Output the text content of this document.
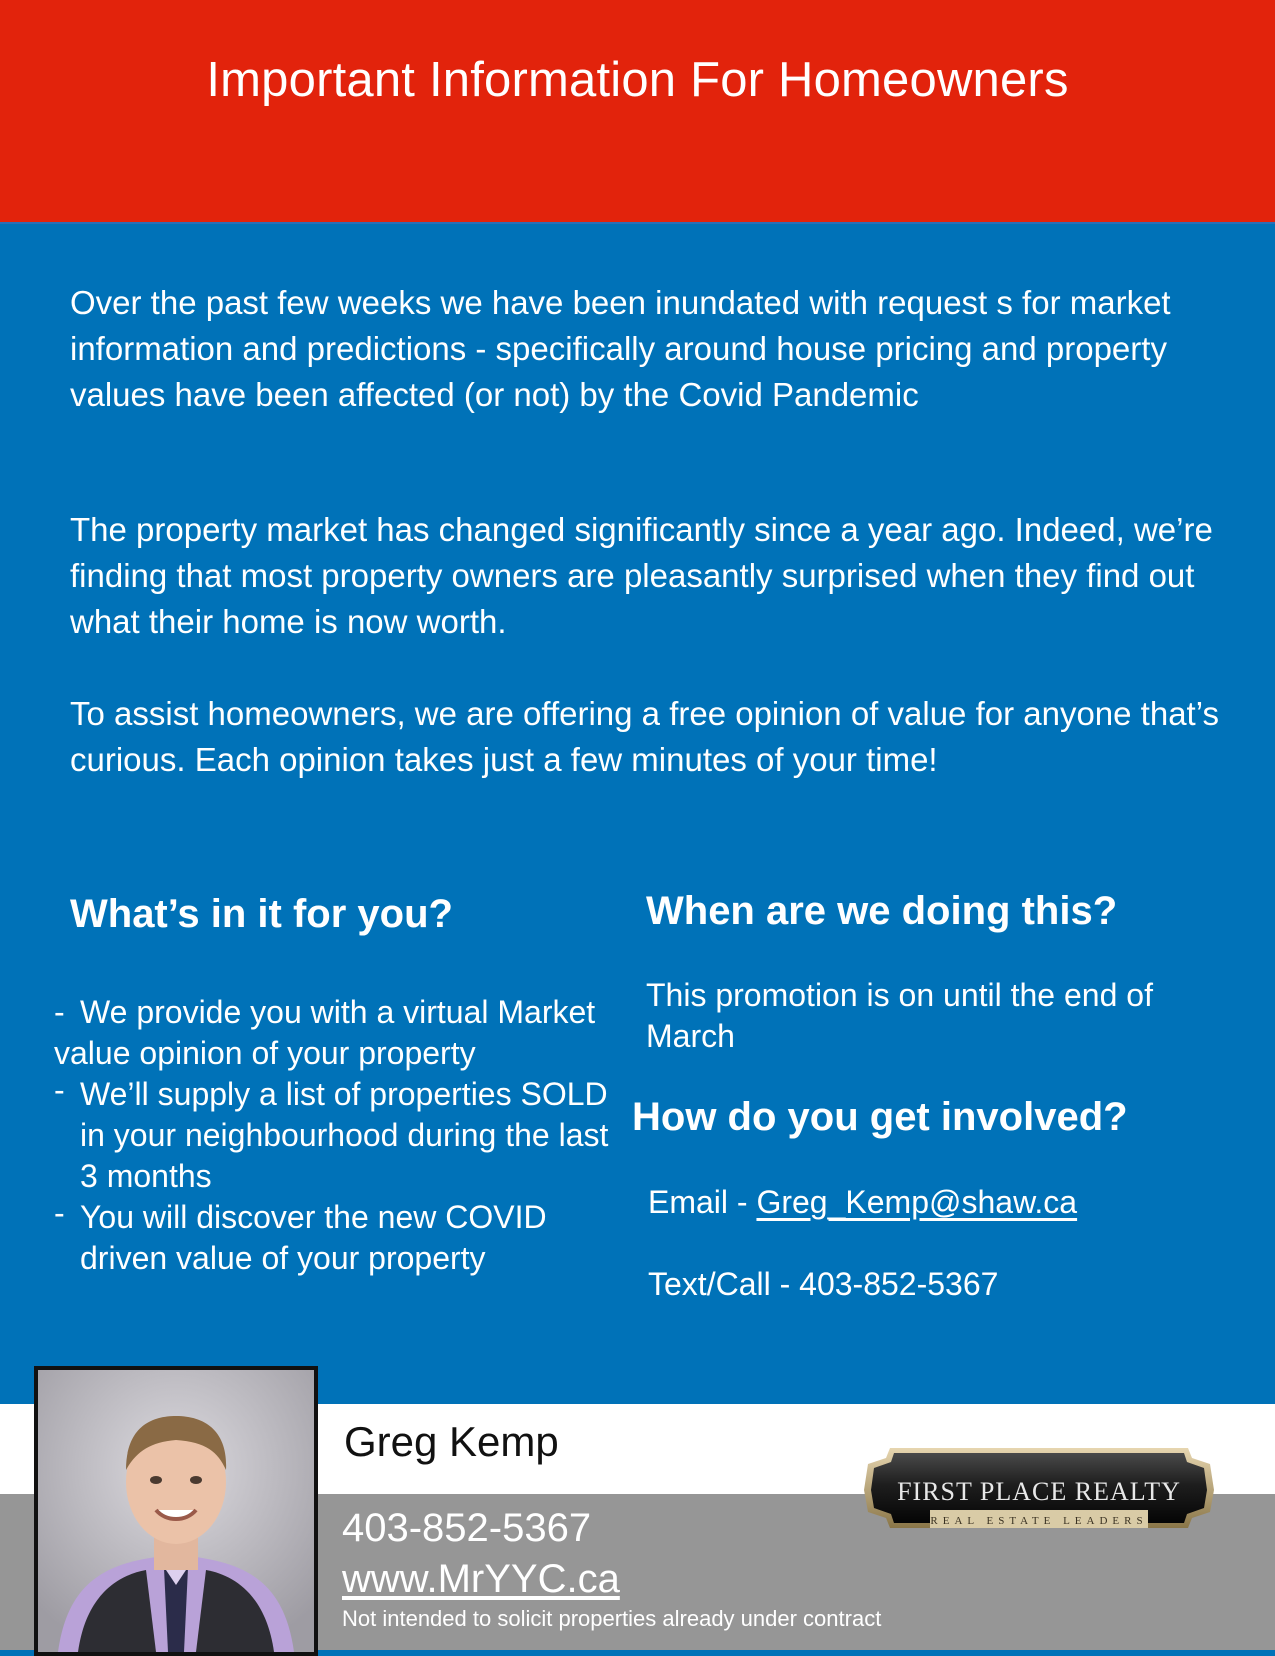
Important Information For Homeowners

Over the past few weeks we have been inundated with request s for market information and predictions - specifically around house pricing and property values have been affected (or not) by the Covid Pandemic

The property market has changed significantly since a year ago. Indeed, we’re finding that most property owners are pleasantly surprised when they find out what their home is now worth.

To assist homeowners, we are offering a free opinion of value for anyone that’s curious. Each opinion takes just a few minutes of your time!

What’s in it for you?
-We provide you with a virtual Market value opinion of your property
- We’ll supply a list of properties SOLD in your neighbourhood during the last 3 months
- You will discover the new COVID driven value of your property
When are we doing this?

This promotion is on until the end of March

How do you get involved?

Email - Greg_Kemp@shaw.ca

Text/Call - 403-852-5367

Greg Kemp
403-852-5367
www.MrYYC.ca
Not intended to solicit properties already under contract
FIRST PLACE REALTY
REAL ESTATE LEADERS
